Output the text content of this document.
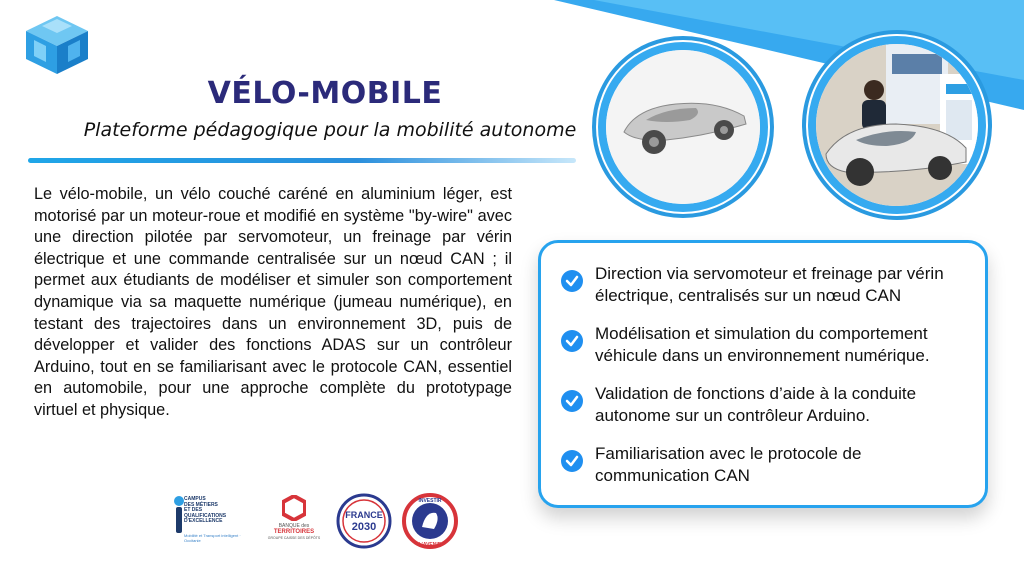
VÉLO-MOBILE
Plateforme pédagogique pour la mobilité autonome

Le vélo-mobile, un vélo couché caréné en aluminium léger, est motorisé par un moteur-roue et modifié en système "by-wire" avec une direction pilotée par servomoteur, un freinage par vérin électrique et une commande centralisée sur un nœud CAN ; il permet aux étudiants de modéliser et simuler son comportement dynamique via sa maquette numérique (jumeau numérique), en testant des trajectoires dans un environnement 3D, puis de développer et valider des fonctions ADAS sur un contrôleur Arduino, tout en se familiarisant avec le protocole CAN, essentiel en automobile, pour une approche complète du prototypage virtuel et physique.

CAMPUS
DES MÉTIERS
ET DES
QUALIFICATIONS
D'EXCELLENCE
Mobilité et Transport intelligent · Occitanie
BANQUE des
TERRITOIRES
GROUPE CAISSE DES DÉPÔTS
FRANCE
2030
INVESTIR
L'AVENIR
Direction via servomoteur et freinage par vérin électrique, centralisés sur un nœud CAN
Modélisation et simulation du comportement véhicule dans un environnement numérique.
Validation de fonctions d’aide à la conduite autonome sur un contrôleur Arduino.
Familiarisation avec le protocole de communication CAN
